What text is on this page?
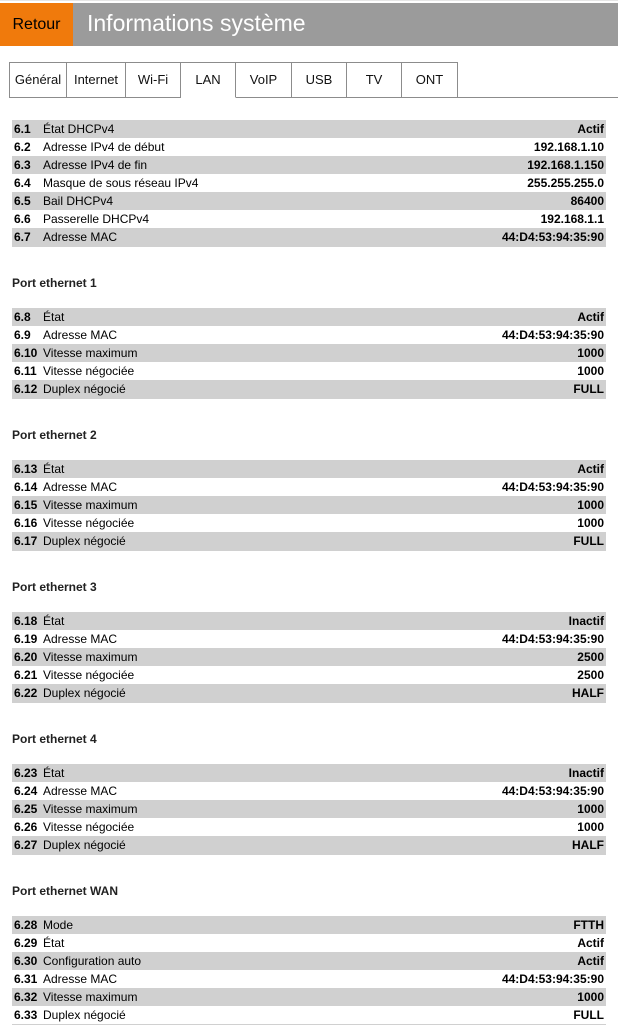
Retour	Informations système
Général Internet	Wi-Fi	LAN	VoIP	USB	TV	ONT
6.1 État DHCPv4	Actif
6.2 Adresse IPv4 de début	192.168.1.10
6.3 Adresse IPv4 de fin	192.168.1.150
6.4 Masque de sous réseau IPv4	255.255.255.0
6.5 Bail DHCPv4	86400
6.6 Passerelle DHCPv4	192.168.1.1
6.7 Adresse MAC	44:D4:53:94:35:90
Port ethernet 1
6.8 État	Actif
6.9 Adresse MAC	44:D4:53:94:35:90
6.10 Vitesse maximum	1000
6.11 Vitesse négociée	1000
6.12 Duplex négocié	FULL
Port ethernet 2
6.13 État	Actif
6.14 Adresse MAC	44:D4:53:94:35:90
6.15 Vitesse maximum	1000
6.16 Vitesse négociée	1000
6.17 Duplex négocié	FULL
Port ethernet 3
6.18 État	Inactif
6.19 Adresse MAC	44:D4:53:94:35:90
6.20 Vitesse maximum	2500
6.21 Vitesse négociée	2500
6.22 Duplex négocié	HALF
Port ethernet 4
6.23 État	Inactif
6.24 Adresse MAC	44:D4:53:94:35:90
6.25 Vitesse maximum	1000
6.26 Vitesse négociée	1000
6.27 Duplex négocié	HALF
Port ethernet WAN
6.28 Mode	FTTH
6.29 État	Actif
6.30 Configuration auto	Actif
6.31 Adresse MAC	44:D4:53:94:35:90
6.32 Vitesse maximum	1000
6.33 Duplex négocié	FULL
